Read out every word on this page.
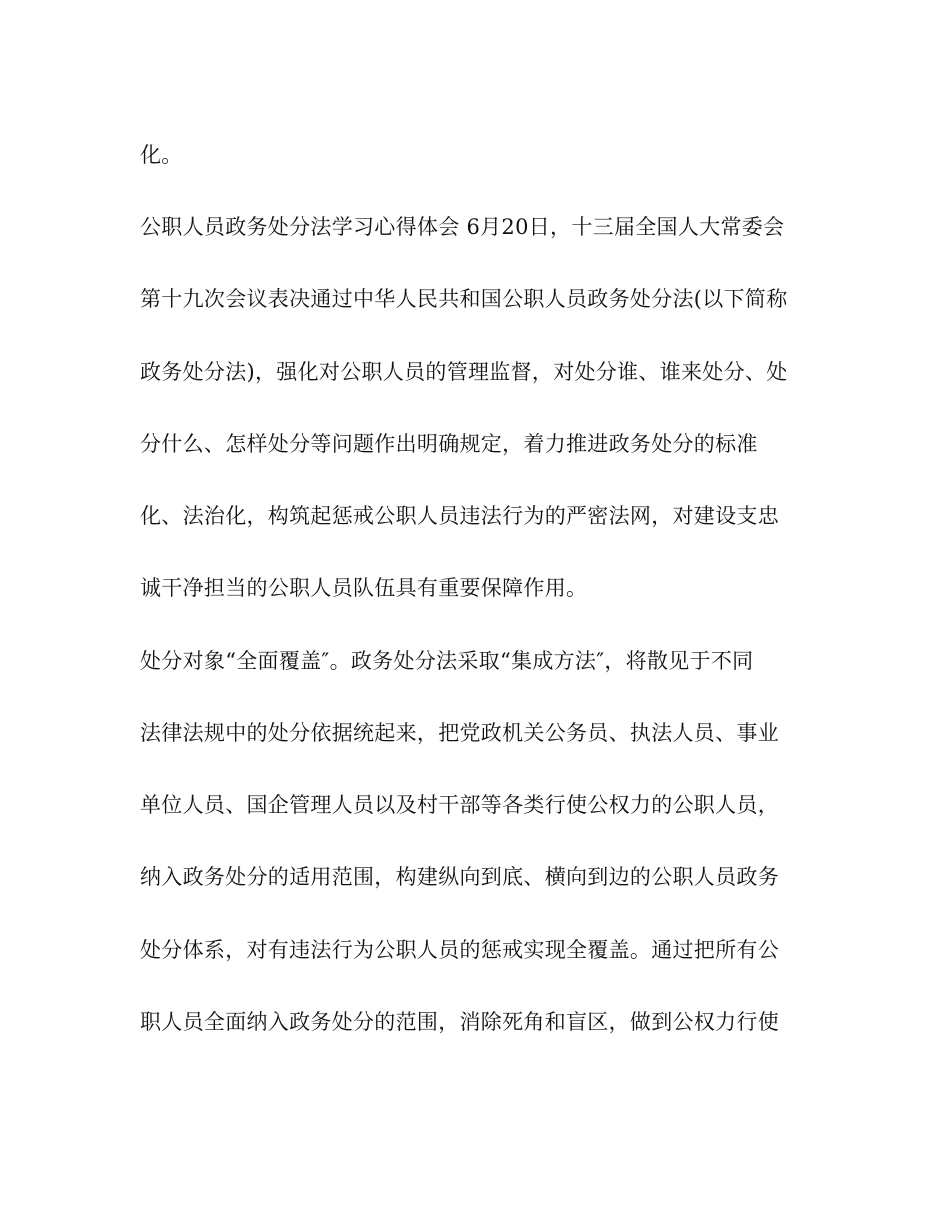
化。

公职人员政务处分法学习心得体会 6月20日，十三届全国人大常委会

第十九次会议表决通过中华人民共和国公职人员政务处分法(以下简称

政务处分法)，强化对公职人员的管理监督，对处分谁、谁来处分、处

分什么、怎样处分等问题作出明确规定，着力推进政务处分的标准

化、法治化，构筑起惩戒公职人员违法行为的严密法网，对建设支忠

诚干净担当的公职人员队伍具有重要保障作用。

处分对象“全面覆盖″。政务处分法采取“集成方法″，将散见于不同

法律法规中的处分依据统起来，把党政机关公务员、执法人员、事业

单位人员、国企管理人员以及村干部等各类行使公权力的公职人员，

纳入政务处分的适用范围，构建纵向到底、横向到边的公职人员政务

处分体系，对有违法行为公职人员的惩戒实现全覆盖。通过把所有公

职人员全面纳入政务处分的范围，消除死角和盲区，做到公权力行使
